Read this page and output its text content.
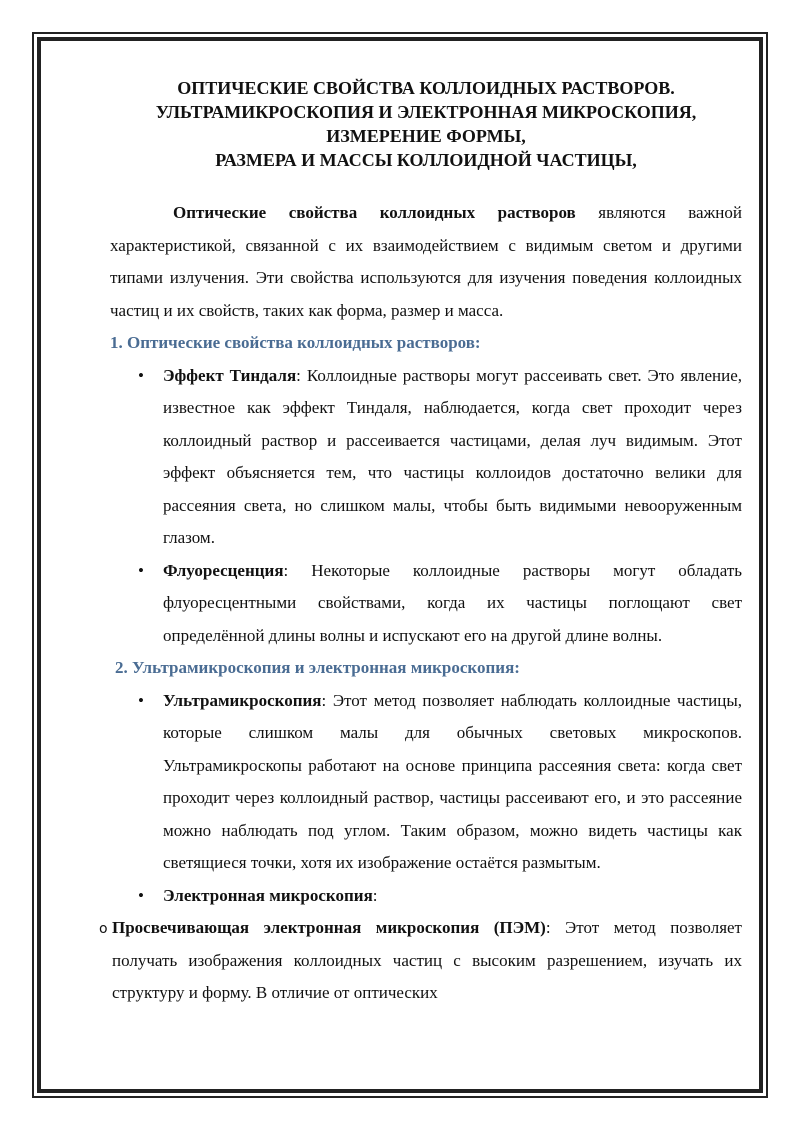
ОПТИЧЕСКИЕ СВОЙСТВА КОЛЛОИДНЫХ РАСТВОРОВ.
УЛЬТРАМИКРОСКОПИЯ И ЭЛЕКТРОННАЯ МИКРОСКОПИЯ,
ИЗМЕРЕНИЕ ФОРМЫ,
РАЗМЕРА И МАССЫ КОЛЛОИДНОЙ ЧАСТИЦЫ,

Оптические свойства коллоидных растворов являются важной характеристикой, связанной с их взаимодействием с видимым светом и другими типами излучения. Эти свойства используются для изучения поведения коллоидных частиц и их свойств, таких как форма, размер и масса.

1. Оптические свойства коллоидных растворов:
• Эффект Тиндаля: Коллоидные растворы могут рассеивать свет. Это явление, известное как эффект Тиндаля, наблюдается, когда свет проходит через коллоидный раствор и рассеивается частицами, делая луч видимым. Этот эффект объясняется тем, что частицы коллоидов достаточно велики для рассеяния света, но слишком малы, чтобы быть видимыми невооруженным глазом.
• Флуоресценция: Некоторые коллоидные растворы могут обладать флуоресцентными свойствами, когда их частицы поглощают свет определённой длины волны и испускают его на другой длине волны.
2. Ультрамикроскопия и электронная микроскопия:
• Ультрамикроскопия: Этот метод позволяет наблюдать коллоидные частицы, которые слишком малы для обычных световых микроскопов. Ультрамикроскопы работают на основе принципа рассеяния света: когда свет проходит через коллоидный раствор, частицы рассеивают его, и это рассеяние можно наблюдать под углом. Таким образом, можно видеть частицы как светящиеся точки, хотя их изображение остаётся размытым.
• Электронная микроскопия:
o Просвечивающая электронная микроскопия (ПЭМ): Этот метод позволяет получать изображения коллоидных частиц с высоким разрешением, изучать их структуру и форму. В отличие от оптических
